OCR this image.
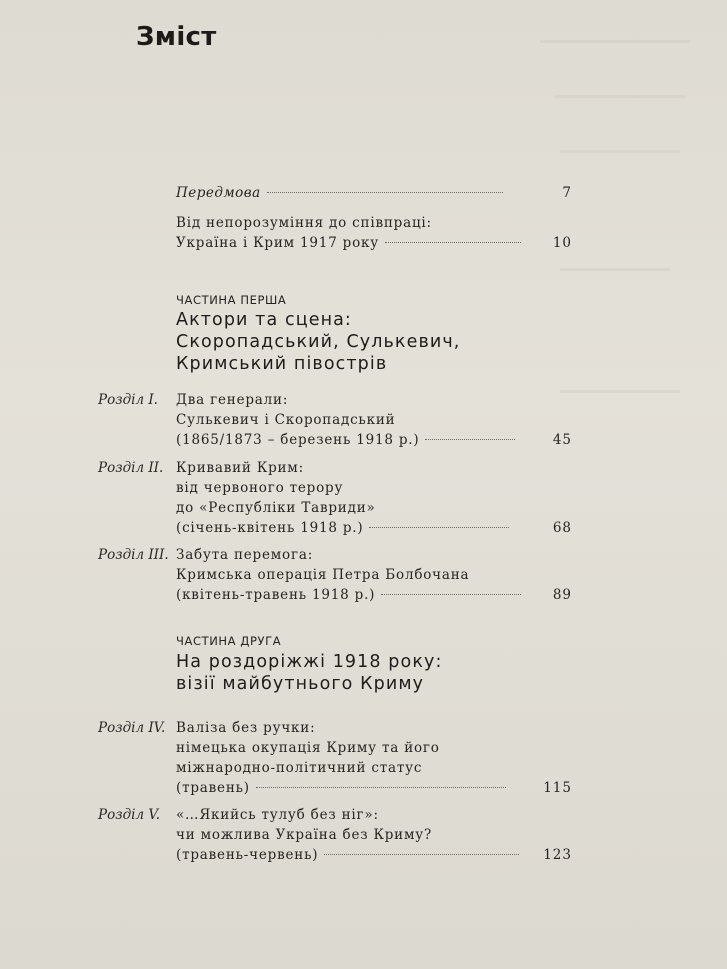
Зміст
Передмова	7
Від непорозуміння до співпраці:
Україна і Крим 1917 року	10
ЧАСТИНА ПЕРША
Актори та сцена:
Скоропадський, Сулькевич,
Кримський півострів
Розділ I. Два генерали:
Сулькевич і Скоропадський
(1865/1873 – березень 1918 р.)	45
Розділ II. Кривавий Крим:
від червоного терору
до «Республіки Тавриди»
(січень-квітень 1918 р.)	68
Розділ III. Забута перемога:
Кримська операція Петра Болбочана
(квітень-травень 1918 р.)	89
ЧАСТИНА ДРУГА
На роздоріжжі 1918 року:
візії майбутнього Криму
Розділ IV. Валіза без ручки:
німецька окупація Криму та його
міжнародно-політичний статус
(травень)	115
Розділ V. «…Якийсь тулуб без ніг»:
чи можлива Україна без Криму?
(травень-червень)	123
